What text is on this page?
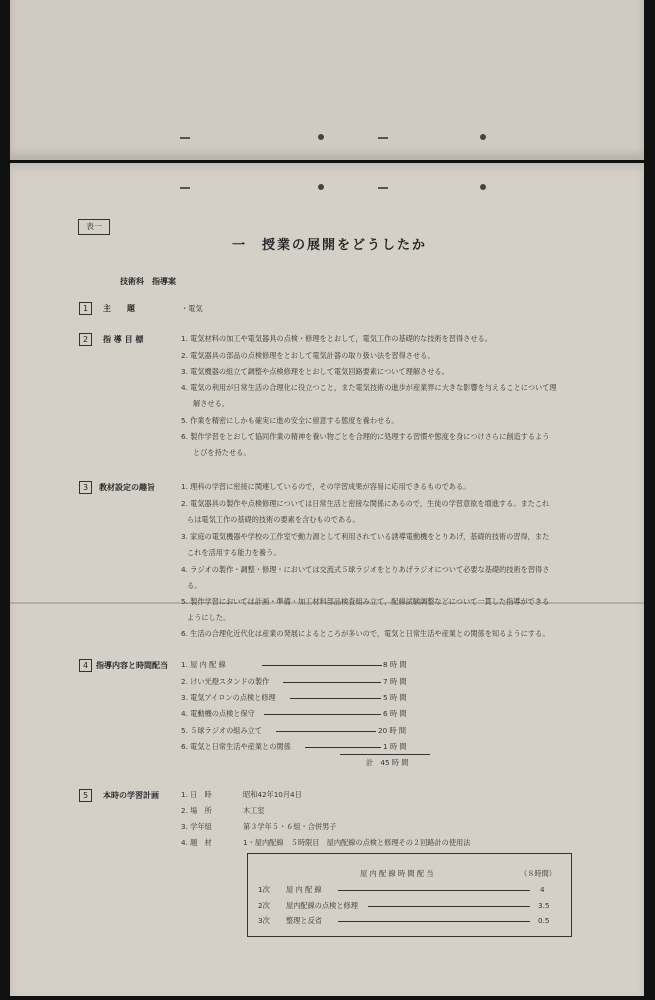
表一
一　授業の展開をどうしたか
技術科　指導案
1	主　　題	・電気
2	指 導 目 標	1. 電気材料の加工や電気器具の点検・修理をとおして，電気工作の基礎的な技術を習得させる。
2. 電気器具の部品の点検修理をとおして電気計器の取り扱い法を習得させる。
3. 電気機器の組立て調整や点検修理をとおして電気回路要素について理解させる。
4. 電気の利用が日常生活の合理化に役立つこと，また電気技術の進歩が産業界に大きな影響を与えることについて理
解させる。
5. 作業を精密にしかも確実に進め安全に留意する態度を養わせる。
6. 製作学習をとおして協同作業の精神を養い物ごとを合理的に処理する習慣や態度を身につけさらに創造するよう
とびを持たせる。
3	教材設定の趣旨	1. 理科の学習に密接に関連しているので，その学習成果が容易に応用できるものである。
2. 電気器具の製作や点検修理については日常生活と密接な関係にあるので，生徒の学習意欲を増進する。またこれ
らは電気工作の基礎的技術の要素を含むものである。
3. 家庭の電気機器や学校の工作室で動力源として利用されている誘導電動機をとりあげ，基礎的技術の習得，また
これを活用する能力を養う。
4. ラジオの製作・調整・修理・においては交流式５球ラジオをとりあげラジオについて必要な基礎的技術を習得さ
る。
5. 製作学習においては計画・準備・加工材料部品検査組み立て，配線試験調整などについて一貫した指導ができる
ようにした。
6. 生活の合理化近代化は産業の発展によるところが多いので，電気と日常生活や産業との関係を知るようにする。
4 指導内容と時間配当 1. 屋 内 配 線	8 時 間
2. けい光燈スタンドの製作	7 時 間
3. 電気アイロンの点検と修理	5 時 間
4. 電動機の点検と保守	6 時 間
5. ５球ラジオの組み立て	20 時 間
6. 電気と日常生活や産業との関係	1 時 間
計　45 時 間
5	本時の学習計画	1. 日　時	昭和42年10月4日
2. 場　所	木工室
3. 学年組	第３学年５・６組・合併男子
4. 題　材	1・屋内配線　５時限目　屋内配線の点検と修理その２回路計の使用法
屋 内 配 線 時 間 配 当	（８時間）
1次 屋 内 配 線	4
2次 屋内配線の点検と修理	3.5
3次 整理と反省	0.5
